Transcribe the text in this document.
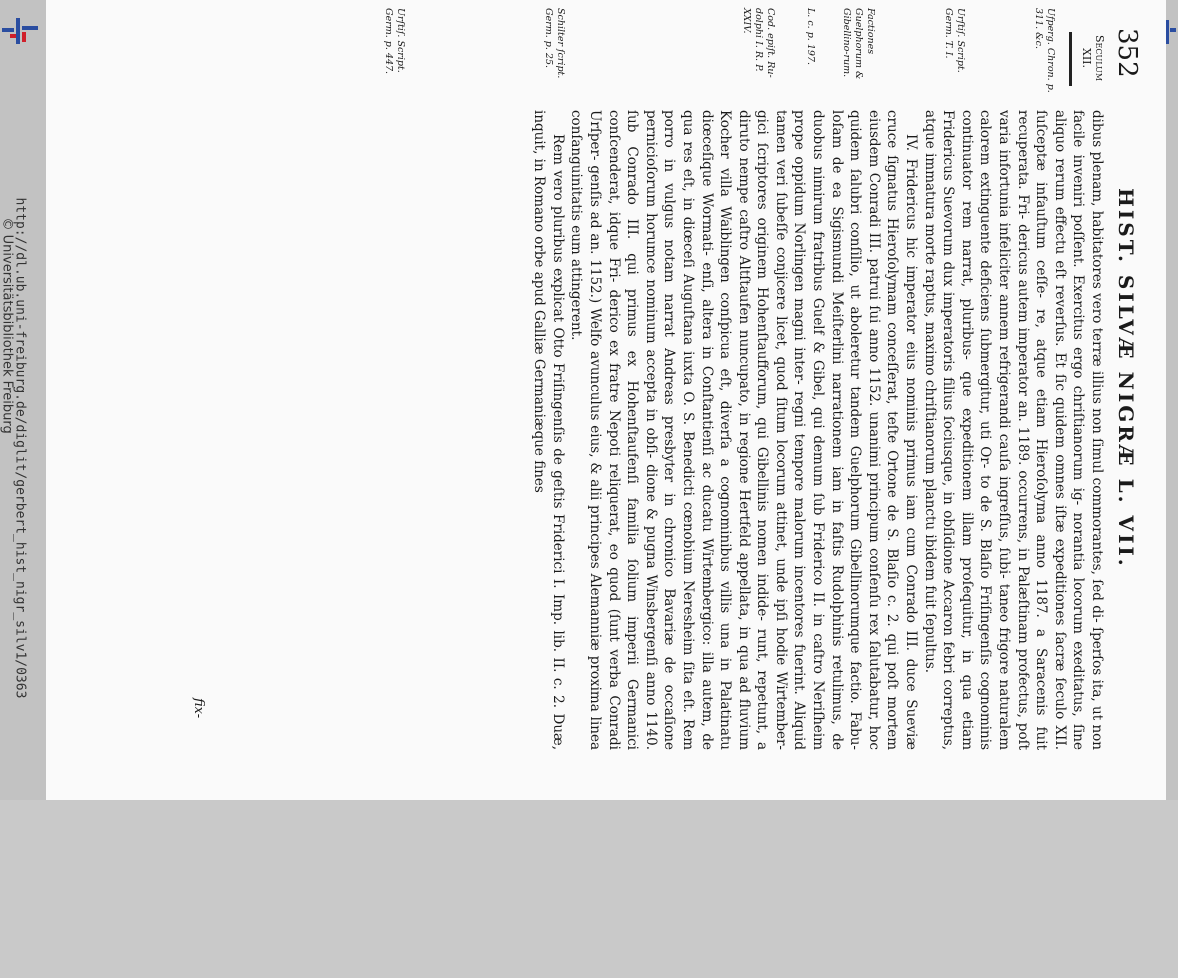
http://dl.ub.uni-freiburg.de/diglit/gerbert_hist_nigr_silv1/0363
© Universitätsbibliothek Freiburg
352
HIST. SILVÆ NIGRÆ L. VII.
Seculum XII.
Ufperg. Chron. p. 311. &c.
Urſtiſ. Script. Germ. T. I.
Factiones Guelphorum & Gibellino-rum.
L. c. p. 197.
Cod. epiſt. Ru-dolphi I. R. P. XXIV.
Schilter ſcript. Germ. p. 25.
Urſtiſ. Script. Germ. p. 447.

dibus plenam, habitatores vero terræ illius non ſimul commorantes, ſed di- ſperſos ita, ut non facile inveniri poſſent. Exercitus ergo chriſtianorum ig- norantia locorum exeditatus, ſine aliquo rerum effectu eſt reverſus. Et ſic quidem omnes iſtæ expeditiones ſacræ ſeculo XII. ſuſceptæ infauſtum ceſſe- re, atque etiam Hieroſolyma anno 1187. a Saracenis fuit recuperata. Fri- dericus autem imperator an. 1189. occurrens, in Palæſtinam profectus, poſt varia infortunia infeliciter annem refrigerandi cauſa ingreſſus, ſubi- taneo frigore naturalem calorem extinguente deficiens ſubmergitur, uti Or- to de S. Blaſio Friſingenſis cognominis continuator rem narrat, pluribus- que expeditionem illam proſequitur, in qua etiam Fridericus Suevorum dux imperatoris filius ſociusque, in obſidione Accaron febri correptus, atque immatura morte raptus, maximo chriſtianorum planctu ibidem fuit ſepultus.

IV. Fridericus hic imperator eius nominis primus iam cum Conrado III. duce Sueviæ cruce ſignatus Hieroſolymam conceſſerat, teſte Ortone de S. Blaſio c. 2. qui poſt mortem eiusdem Conradi III. patrui ſui anno 1152. unanimi principum conſenſu rex ſalutabatur, hoc quidem ſalubri conſilio, ut aboleretur tandem Guelphorum Gibellinorumque factio. Fabu- loſam de ea Sigismundi Meiſterlini narrationem iam in faſtis Rudolphinis retulimus, de duobus nimirum fratribus Guelf & Gibel, qui demum ſub Friderico II. in caſtro Neriſheim prope oppidum Norlingen magni inter- regni tempore malorum incentores fuerint. Aliquid tamen veri ſubeſſe conjicere licet, quod ſitum locorum attinet, unde ipſi hodie Wirtember- gici ſcriptores originem Hohenſtaufforum, qui Gibellinis nomen indide- runt, repetunt, a diruto nempe caſtro Altſtaufen nuncupato, in regione Hertfeld appellata, in qua ad fluvium Kocher villa Waiblingen conſpicua eſt, diverſa a cognominibus villis una in Palatinatu diœceſique Wormati- enſi, altera in Conſtantienſi ac ducatu Wirtembergico: illa autem, de qua res eſt, in diœceſi Auguſtana iuxta O. S. Benedicti cœnobium Neresheim ſita eſt. Rem porro in vulgus notam narrat Andreas presbyter in chronico Bavariæ de occaſione pernicioſorum horumce nominum accepta in obſi- dione & pugna Winsbergenſi anno 1140. ſub Conrado III. qui primus ex Hohenſtaufenſi familia ſolium imperii Germanici conſcenderat, idque Fri- derico ex fratre Nepoti reliquerat, eo quod (ſunt verba Conradi Urſper- genſis ad an. 1152.) Welfo avunculus eius, & alii principes Alemanniæ proxima linea conſanguinitatis eum attingerent.

Rem vero pluribus explicat Otto Friſingenſis de geſtis Friderici I. Imp. lib. II. c. 2. Duæ, inquit, in Romano orbe apud Galliæ Germaniæque fines

fix-
